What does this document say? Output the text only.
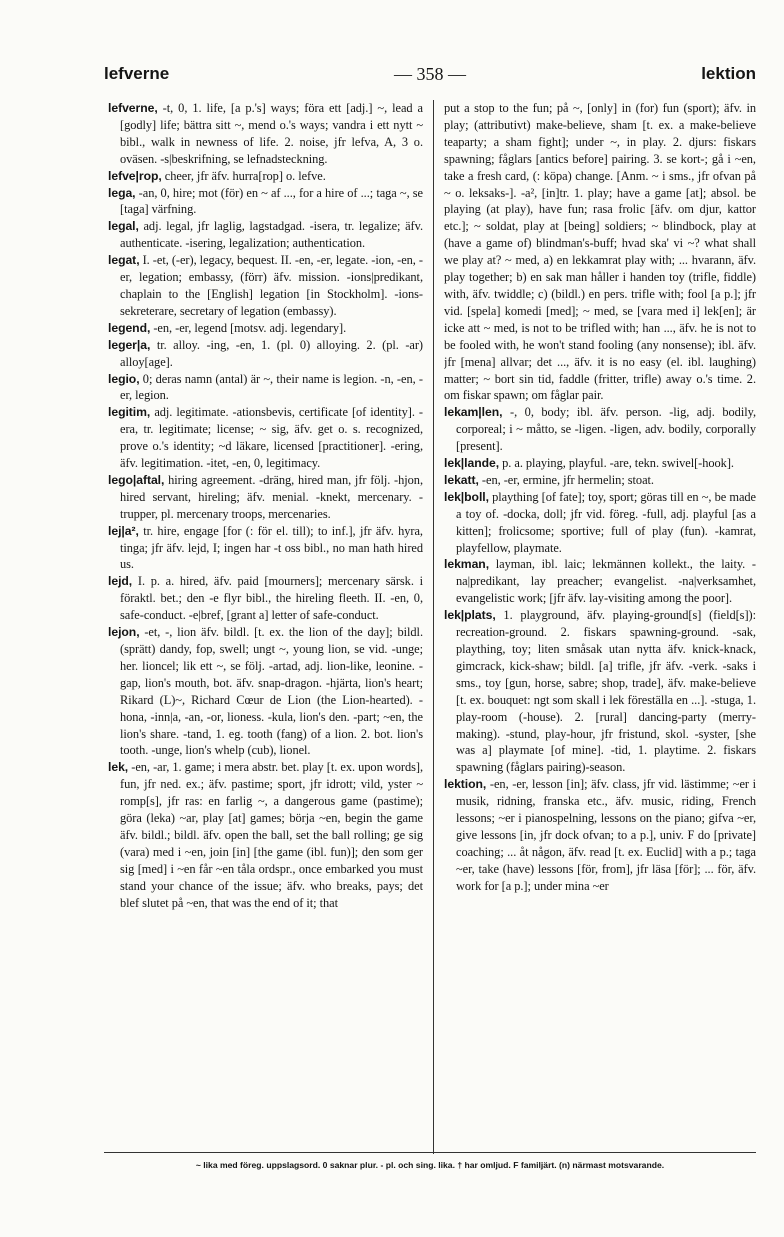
lefverne	— 358 —	lektion

lefverne, -t, 0, 1. life, [a p.'s] ways; föra ett [adj.] ~, lead a [godly] life; bättra sitt ~, mend o.'s ways; vandra i ett nytt ~ bibl., walk in newness of life. 2. noise, jfr lefva, A, 3 o. oväsen. -s|beskrifning, se lefnadsteckning.

lefve|rop, cheer, jfr äfv. hurra[rop] o. lefve.

lega, -an, 0, hire; mot (för) en ~ af ..., for a hire of ...; taga ~, se [taga] värfning.

legal, adj. legal, jfr laglig, lagstadgad. -isera, tr. legalize; äfv. authenticate. -isering, legalization; authentication.

legat, I. -et, (-er), legacy, bequest. II. -en, -er, legate. -ion, -en, -er, legation; embassy, (förr) äfv. mission. -ions|predikant, chaplain to the [English] legation [in Stockholm]. -ions-sekreterare, secretary of legation (embassy).

legend, -en, -er, legend [motsv. adj. legendary].

leger|a, tr. alloy. -ing, -en, 1. (pl. 0) alloying. 2. (pl. -ar) alloy[age].

legio, 0; deras namn (antal) är ~, their name is legion. -n, -en, -er, legion.

legitim, adj. legitimate. -ationsbevis, certificate [of identity]. -era, tr. legitimate; license; ~ sig, äfv. get o. s. recognized, prove o.'s identity; ~d läkare, licensed [practitioner]. -ering, äfv. legitimation. -itet, -en, 0, legitimacy.

lego|aftal, hiring agreement. -dräng, hired man, jfr följ. -hjon, hired servant, hireling; äfv. menial. -knekt, mercenary. -trupper, pl. mercenary troops, mercenaries.

lej|a², tr. hire, engage [for (: för el. till); to inf.], jfr äfv. hyra, tinga; jfr äfv. lejd, I; ingen har -t oss bibl., no man hath hired us.

lejd, I. p. a. hired, äfv. paid [mourners]; mercenary särsk. i föraktl. bet.; den -e flyr bibl., the hireling fleeth. II. -en, 0, safe-conduct. -e|bref, [grant a] letter of safe-conduct.

lejon, -et, -, lion äfv. bildl. [t. ex. the lion of the day]; bildl. (sprätt) dandy, fop, swell; ungt ~, young lion, se vid. -unge; her. lioncel; lik ett ~, se följ. -artad, adj. lion-like, leonine. -gap, lion's mouth, bot. äfv. snap-dragon. -hjärta, lion's heart; Rikard (L)~, Richard Cœur de Lion (the Lion-hearted). -hona, -inn|a, -an, -or, lioness. -kula, lion's den. -part; ~en, the lion's share. -tand, 1. eg. tooth (fang) of a lion. 2. bot. lion's tooth. -unge, lion's whelp (cub), lionel.

lek, -en, -ar, 1. game; i mera abstr. bet. play [t. ex. upon words], fun, jfr ned. ex.; äfv. pastime; sport, jfr idrott; vild, yster ~ romp[s], jfr ras: en farlig ~, a dangerous game (pastime); göra (leka) ~ar, play [at] games; börja ~en, begin the game äfv. bildl.; bildl. äfv. open the ball, set the ball rolling; ge sig (vara) med i ~en, join [in] [the game (ibl. fun)]; den som ger sig [med] i ~en får ~en tåla ordspr., once embarked you must stand your chance of the issue; äfv. who breaks, pays; det blef slutet på ~en, that was the end of it; that

put a stop to the fun; på ~, [only] in (for) fun (sport); äfv. in play; (attributivt) make-believe, sham [t. ex. a make-believe teaparty; a sham fight]; under ~, in play. 2. djurs: fiskars spawning; fåglars [antics before] pairing. 3. se kort-; gå i ~en, take a fresh card, (: köpa) change. [Anm. ~ i sms., jfr ofvan på ~ o. leksaks-]. -a², [in]tr. 1. play; have a game [at]; absol. be playing (at play), have fun; rasa frolic [äfv. om djur, kattor etc.]; ~ soldat, play at [being] soldiers; ~ blindbock, play at (have a game of) blindman's-buff; hvad ska' vi ~? what shall we play at? ~ med, a) en lekkamrat play with; ... hvarann, äfv. play together; b) en sak man håller i handen toy (trifle, fiddle) with, äfv. twiddle; c) (bildl.) en pers. trifle with; fool [a p.]; jfr vid. [spela] komedi [med]; ~ med, se [vara med i] lek[en]; är icke att ~ med, is not to be trifled with; han ..., äfv. he is not to be fooled with, he won't stand fooling (any nonsense); ibl. äfv. jfr [mena] allvar; det ..., äfv. it is no easy (el. ibl. laughing) matter; ~ bort sin tid, faddle (fritter, trifle) away o.'s time. 2. om fiskar spawn; om fåglar pair.

lekam|len, -, 0, body; ibl. äfv. person. -lig, adj. bodily, corporeal; i ~ måtto, se -ligen. -ligen, adv. bodily, corporally [present].

lek|lande, p. a. playing, playful. -are, tekn. swivel[-hook].

lekatt, -en, -er, ermine, jfr hermelin; stoat.

lek|boll, plaything [of fate]; toy, sport; göras till en ~, be made a toy of. -docka, doll; jfr vid. föreg. -full, adj. playful [as a kitten]; frolicsome; sportive; full of play (fun). -kamrat, playfellow, playmate.

lekman, layman, ibl. laic; lekmännen kollekt., the laity. -na|predikant, lay preacher; evangelist. -na|verksamhet, evangelistic work; [jfr äfv. lay-visiting among the poor].

lek|plats, 1. playground, äfv. playing-ground[s] (field[s]): recreation-ground. 2. fiskars spawning-ground. -sak, plaything, toy; liten småsak utan nytta äfv. knick-knack, gimcrack, kick-shaw; bildl. [a] trifle, jfr äfv. -verk. -saks i sms., toy [gun, horse, sabre; shop, trade], äfv. make-believe [t. ex. bouquet: ngt som skall i lek föreställa en ...]. -stuga, 1. play-room (-house). 2. [rural] dancing-party (merry-making). -stund, play-hour, jfr fristund, skol. -syster, [she was a] playmate [of mine]. -tid, 1. playtime. 2. fiskars spawning (fåglars pairing)-season.

lektion, -en, -er, lesson [in]; äfv. class, jfr vid. lästimme; ~er i musik, ridning, franska etc., äfv. music, riding, French lessons; ~er i pianospelning, lessons on the piano; gifva ~er, give lessons [in, jfr dock ofvan; to a p.], univ. F do [private] coaching; ... åt någon, äfv. read [t. ex. Euclid] with a p.; taga ~er, take (have) lessons [för, from], jfr läsa [för]; ... för, äfv. work for [a p.]; under mina ~er

~ lika med föreg. uppslagsord. 0 saknar plur. - pl. och sing. lika. † har omljud. F familjärt. (n) närmast motsvarande.
